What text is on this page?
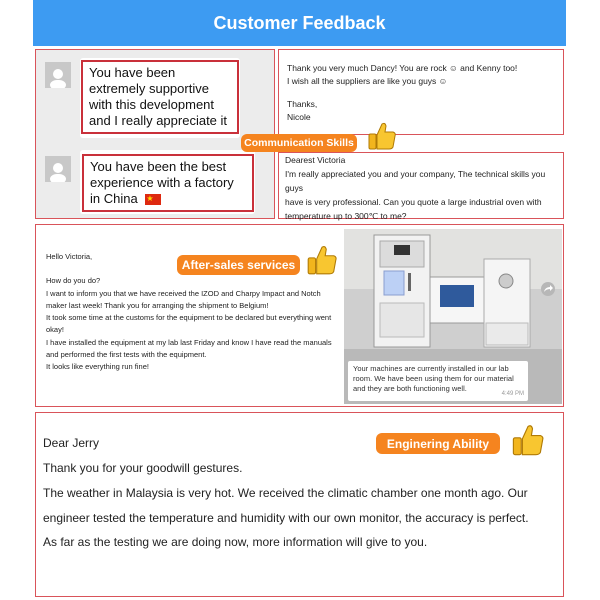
Customer Feedback
You have been extremely supportive with this development and I really appreciate it
You have been the best experience with a factory in China ★
Thank you very much Dancy! You are rock ☺ and Kenny too!
I wish all the suppliers are like you guys ☺
Thanks,
Nicole
Dearest Victoria
I'm really appreciated you and your company, The technical skills you guys
have is very professional. Can you quote a large industrial oven with
temperature up to 300℃ to me?
Communication Skills
Hello Victoria,
How do you do?
I want to inform you that we have received the IZOD and Charpy Impact and Notch
maker last week! Thank you for arranging the shipment to Belgium!
It took some time at the customs for the equipment to be declared but everything went
okay!
I have installed the equipment at my lab last Friday and know I have read the manuals
and performed the first tests with the equipment.
It looks like everything run fine!	Your machines are currently installed in our lab room. We have been using them for our material and they are both functioning well.
4:49 PM
After-sales services
Dear Jerry
Thank you for your goodwill gestures.
The weather in Malaysia is very hot. We received the climatic chamber one month ago. Our
engineer tested the temperature and humidity with our own monitor, the accuracy is perfect.
As far as the testing we are doing now, more information will give to you.
Enginering Ability
